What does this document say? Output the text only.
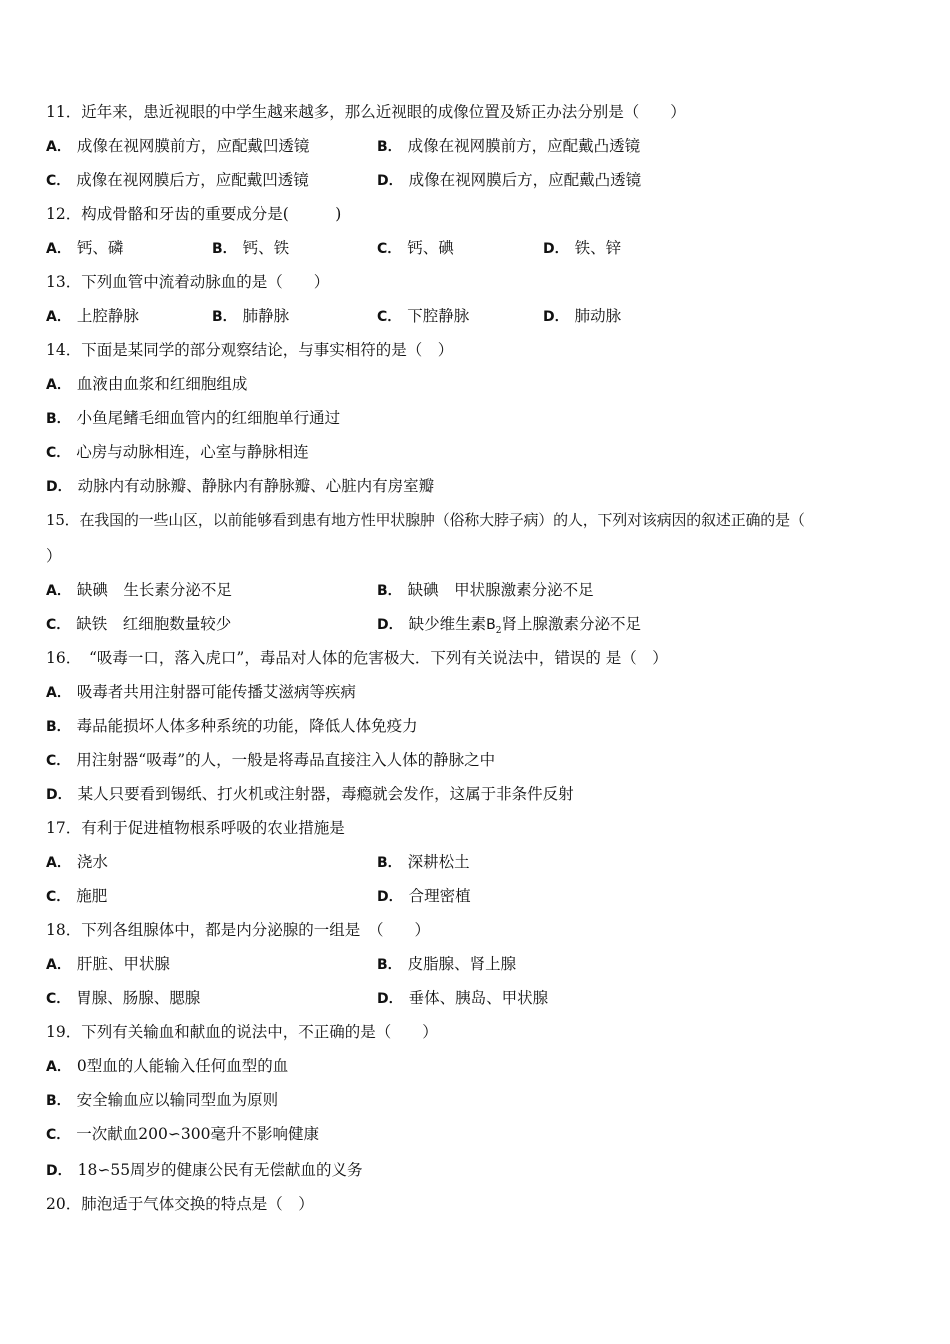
11．近年来，患近视眼的中学生越来越多，那么近视眼的成像位置及矫正办法分别是（　　）
A． 成像在视网膜前方，应配戴凹透镜	B． 成像在视网膜前方，应配戴凸透镜
C． 成像在视网膜后方，应配戴凹透镜	D． 成像在视网膜后方，应配戴凸透镜
12．构成骨骼和牙齿的重要成分是(　　　)
A． 钙、磷	B． 钙、铁	C． 钙、碘	D． 铁、锌
13．下列血管中流着动脉血的是（　　）
A． 上腔静脉	B． 肺静脉	C． 下腔静脉	D． 肺动脉
14．下面是某同学的部分观察结论，与事实相符的是（　）
A． 血液由血浆和红细胞组成
B． 小鱼尾鳍毛细血管内的红细胞单行通过
C． 心房与动脉相连，心室与静脉相连
D． 动脉内有动脉瓣、静脉内有静脉瓣、心脏内有房室瓣
15．在我国的一些山区，以前能够看到患有地方性甲状腺肿（俗称大脖子病）的人，下列对该病因的叙述正确的是（
）
A． 缺碘　生长素分泌不足	B． 缺碘　甲状腺激素分泌不足
C． 缺铁　红细胞数量较少	D． 缺少维生素$B_2$肾上腺激素分泌不足
16．　“吸毒一口，落入虎口”，毒品对人体的危害极大．下列有关说法中，错误的 是（　）
A． 吸毒者共用注射器可能传播艾滋病等疾病
B． 毒品能损坏人体多种系统的功能，降低人体免疫力
C． 用注射器“吸毒”的人，一般是将毒品直接注入人体的静脉之中
D． 某人只要看到锡纸、打火机或注射器，毒瘾就会发作，这属于非条件反射
17．有利于促进植物根系呼吸的农业措施是
A． 浇水	B． 深耕松土
C． 施肥	D． 合理密植
18．下列各组腺体中，都是内分泌腺的一组是　（　　）
A． 肝脏、甲状腺	B． 皮脂腺、肾上腺
C． 胃腺、肠腺、腮腺	D． 垂体、胰岛、甲状腺
19．下列有关输血和献血的说法中，不正确的是（　　）
A． 0型血的人能输入任何血型的血
B． 安全输血应以输同型血为原则
C． 一次献血200∽300毫升不影响健康
D． 18∽55周岁的健康公民有无偿献血的义务
20．肺泡适于气体交换的特点是（　）
